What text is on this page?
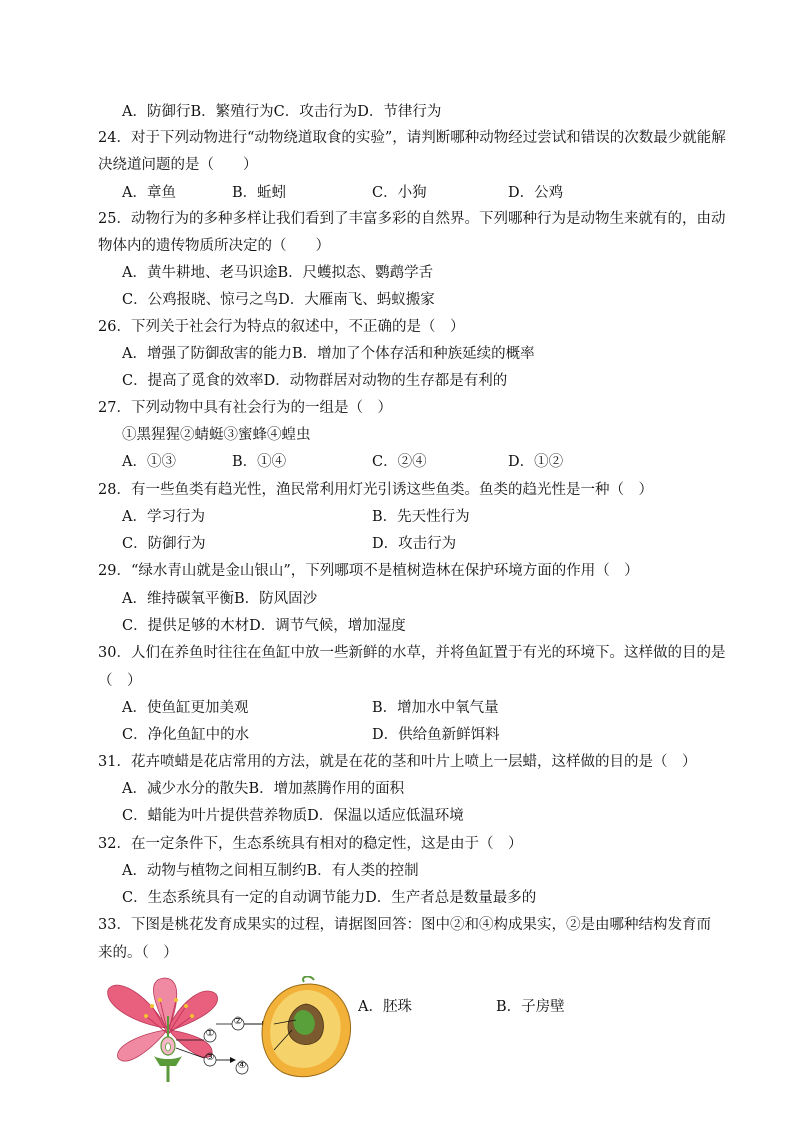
A．防御行B．繁殖行为C．攻击行为D．节律行为
24．对于下列动物进行“动物绕道取食的实验”，请判断哪种动物经过尝试和错误的次数最少就能解
决绕道问题的是（　　）
A．章鱼	B．蚯蚓	C．小狗	D．公鸡
25．动物行为的多种多样让我们看到了丰富多彩的自然界。下列哪种行为是动物生来就有的，由动
物体内的遗传物质所决定的（　　）
A．黄牛耕地、老马识途B．尺蠖拟态、鹦鹉学舌
C．公鸡报晓、惊弓之鸟D．大雁南飞、蚂蚁搬家
26．下列关于社会行为特点的叙述中，不正确的是（　）
A．增强了防御敌害的能力B．增加了个体存活和种族延续的概率
C．提高了觅食的效率D．动物群居对动物的生存都是有利的
27．下列动物中具有社会行为的一组是（　）
①黑猩猩②蜻蜓③蜜蜂④蝗虫
A．①③	B．①④	C．②④	D．①②
28．有一些鱼类有趋光性，渔民常利用灯光引诱这些鱼类。鱼类的趋光性是一种（　）
A．学习行为	B．先天性行为
C．防御行为	D．攻击行为
29．“绿水青山就是金山银山”，下列哪项不是植树造林在保护环境方面的作用（　）
A．维持碳氧平衡B．防风固沙
C．提供足够的木材D．调节气候，增加湿度
30．人们在养鱼时往往在鱼缸中放一些新鲜的水草，并将鱼缸置于有光的环境下。这样做的目的是
（　）
A．使鱼缸更加美观	B．增加水中氧气量
C．净化鱼缸中的水	D．供给鱼新鲜饵料
31．花卉喷蜡是花店常用的方法，就是在花的茎和叶片上喷上一层蜡，这样做的目的是（　）
A．减少水分的散失B．增加蒸腾作用的面积
C．蜡能为叶片提供营养物质D．保温以适应低温环境
32．在一定条件下，生态系统具有相对的稳定性，这是由于（　）
A．动物与植物之间相互制约B．有人类的控制
C．生态系统具有一定的自动调节能力D．生产者总是数量最多的
33．下图是桃花发育成果实的过程，请据图回答：图中②和④构成果实，②是由哪种结构发育而
来的。（　）
①
②
③
④
A．胚珠	B．子房壁
